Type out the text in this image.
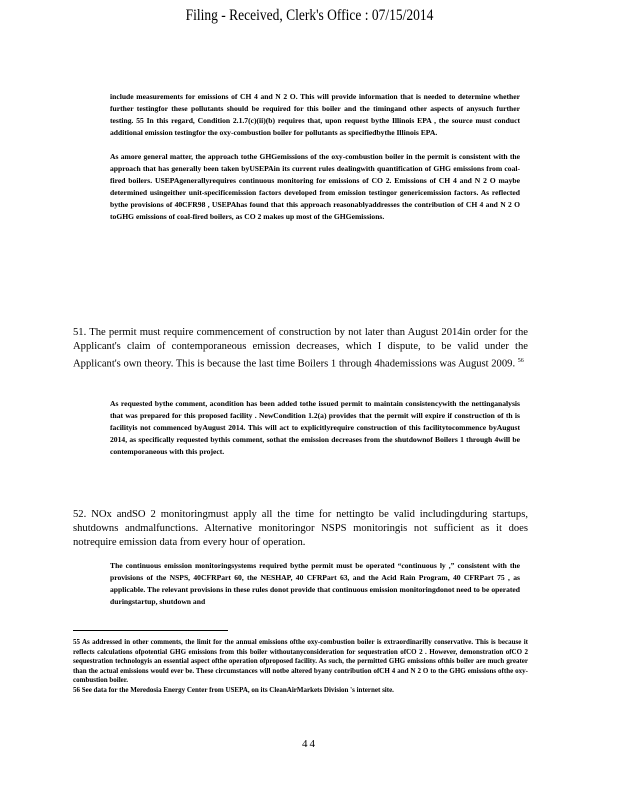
Filing - Received, Clerk's Office : 07/15/2014

include measurements for emissions of CH 4 and N 2 O. This will provide information that is needed to determine whether further testingfor these pollutants should be required for this boiler and the timingand other aspects of anysuch further testing. 55 In this regard, Condition 2.1.7(c)(ii)(b) requires that, upon request bythe Illinois EPA , the source must conduct additional emission testingfor the oxy-combustion boiler for pollutants as specifiedbythe Illinois EPA.

As amore general matter, the approach tothe GHGemissions of the oxy-combustion boiler in the permit is consistent with the approach that has generally been taken byUSEPAin its current rules dealingwith quantification of GHG emissions from coal-fired boilers. USEPAgenerallyrequires continuous monitoring for emissions of CO 2. Emissions of CH 4 and N 2 O maybe determined usingeither unit-specificemission factors developed from emission testingor genericemission factors. As reflected bythe provisions of 40CFR98 , USEPAhas found that this approach reasonablyaddresses the contribution of CH 4 and N 2 O toGHG emissions of coal-fired boilers, as CO 2 makes up most of the GHGemissions.

51. The permit must require commencement of construction by not later than August 2014in order for the Applicant's claim of contemporaneous emission decreases, which I dispute, to be valid under the Applicant's own theory. This is because the last time Boilers 1 through 4hademissions was August 2009. $^{56}$

As requested bythe comment, acondition has been added tothe issued permit to maintain consistencywith the nettinganalysis that was prepared for this proposed facility . NewCondition 1.2(a) provides that the permit will expire if construction of th is facilityis not commenced byAugust 2014. This will act to explicitlyrequire construction of this facilitytocommence byAugust 2014, as specifically requested bythis comment, sothat the emission decreases from the shutdownof Boilers 1 through 4will be contemporaneous with this project.

52. NOx andSO 2 monitoringmust apply all the time for nettingto be valid includingduring startups, shutdowns andmalfunctions. Alternative monitoringor NSPS monitoringis not sufficient as it does notrequire emission data from every hour of operation.

The continuous emission monitoringsystems required bythe permit must be operated “continuous ly ,” consistent with the provisions of the NSPS, 40CFRPart 60, the NESHAP, 40 CFRPart 63, and the Acid Rain Program, 40 CFRPart 75 , as applicable. The relevant provisions in these rules donot provide that continuous emission monitoringdonot need to be operated duringstartup, shutdown and

55 As addressed in other comments, the limit for the annual emissions ofthe oxy-combustion boiler is extraordinarilly conservative. This is because it reflects calculations ofpotential GHG emissions from this boiler withoutanyconsideration for sequestration ofCO 2 . However, demonstration ofCO 2 sequestration technologyis an essential aspect ofthe operation ofproposed facility. As such, the permitted GHG emissions ofthis boiler are much greater than the actual emissions would ever be. These circumstances will notbe altered byany contribution ofCH 4 and N 2 O to the GHG emissions ofthe oxy-combustion boiler.

56 See data for the Meredosia Energy Center from USEPA, on its CleanAirMarkets Division 's internet site.

44
